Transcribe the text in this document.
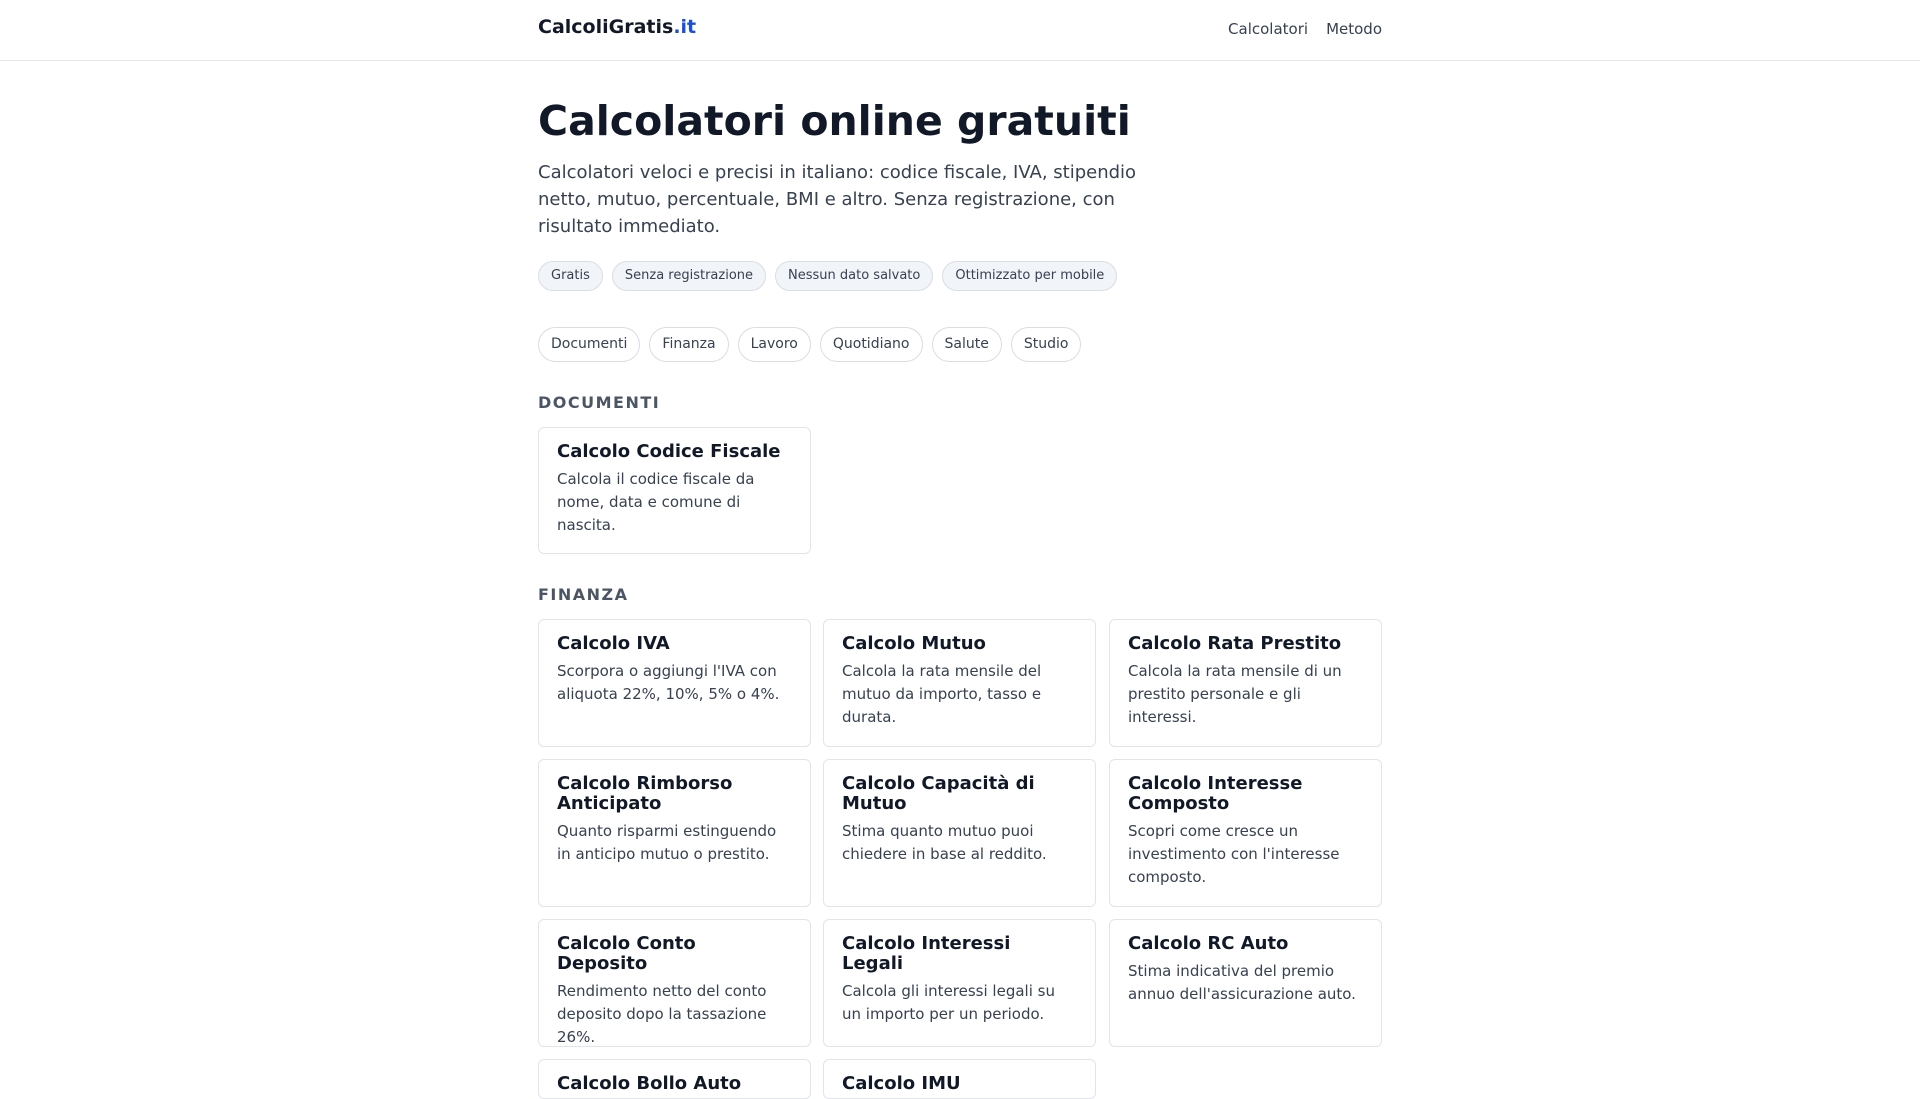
CalcoliGratis.it	Calcolatori Metodo
Calcolatori online gratuiti

Calcolatori veloci e precisi in italiano: codice fiscale, IVA, stipendio netto, mutuo, percentuale, BMI e altro. Senza registrazione, con risultato immediato.

Gratis	Senza registrazione	Nessun dato salvato	Ottimizzato per mobile
Documenti	Finanza	Lavoro	Quotidiano	Salute	Studio
DOCUMENTI
Calcolo Codice Fiscale
Calcola il codice fiscale da nome, data e comune di nascita.
FINANZA
Calcolo IVA
Scorpora o aggiungi l'IVA con aliquota 22%, 10%, 5% o 4%.
Calcolo Mutuo
Calcola la rata mensile del mutuo da importo, tasso e durata.
Calcolo Rata Prestito
Calcola la rata mensile di un prestito personale e gli interessi.
Calcolo Rimborso Anticipato
Quanto risparmi estinguendo in anticipo mutuo o prestito.
Calcolo Capacità di Mutuo
Stima quanto mutuo puoi chiedere in base al reddito.
Calcolo Interesse Composto
Scopri come cresce un investimento con l'interesse composto.
Calcolo Conto Deposito
Rendimento netto del conto deposito dopo la tassazione 26%.
Calcolo Interessi Legali
Calcola gli interessi legali su un importo per un periodo.
Calcolo RC Auto
Stima indicativa del premio annuo dell'assicurazione auto.
Calcolo Bollo Auto	Calcolo IMU
